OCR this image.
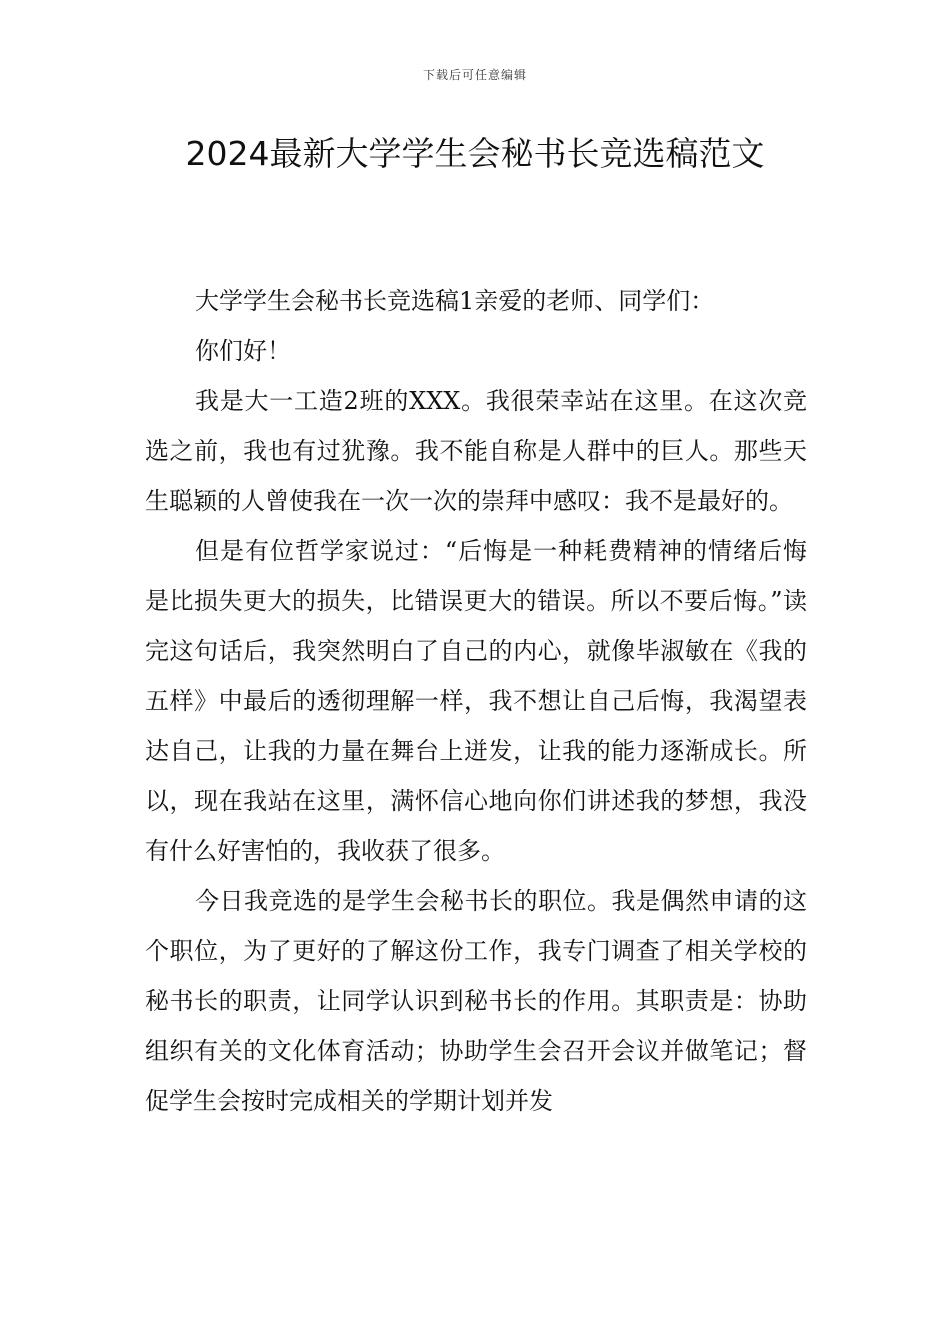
下载后可任意编辑
2024最新大学学生会秘书长竞选稿范文

大学学生会秘书长竞选稿1亲爱的老师、同学们：

你们好！

我是大一工造2班的XXX。我很荣幸站在这里。在这次竞选之前，我也有过犹豫。我不能自称是人群中的巨人。那些天生聪颖的人曾使我在一次一次的崇拜中感叹：我不是最好的。

但是有位哲学家说过：“后悔是一种耗费精神的情绪后悔是比损失更大的损失，比错误更大的错误。所以不要后悔。”读完这句话后，我突然明白了自己的内心，就像毕淑敏在《我的五样》中最后的透彻理解一样，我不想让自己后悔，我渴望表达自己，让我的力量在舞台上迸发，让我的能力逐渐成长。所以，现在我站在这里，满怀信心地向你们讲述我的梦想，我没有什么好害怕的，我收获了很多。

今日我竞选的是学生会秘书长的职位。我是偶然申请的这个职位，为了更好的了解这份工作，我专门调查了相关学校的秘书长的职责，让同学认识到秘书长的作用。其职责是：协助组织有关的文化体育活动；协助学生会召开会议并做笔记；督促学生会按时完成相关的学期计划并发
